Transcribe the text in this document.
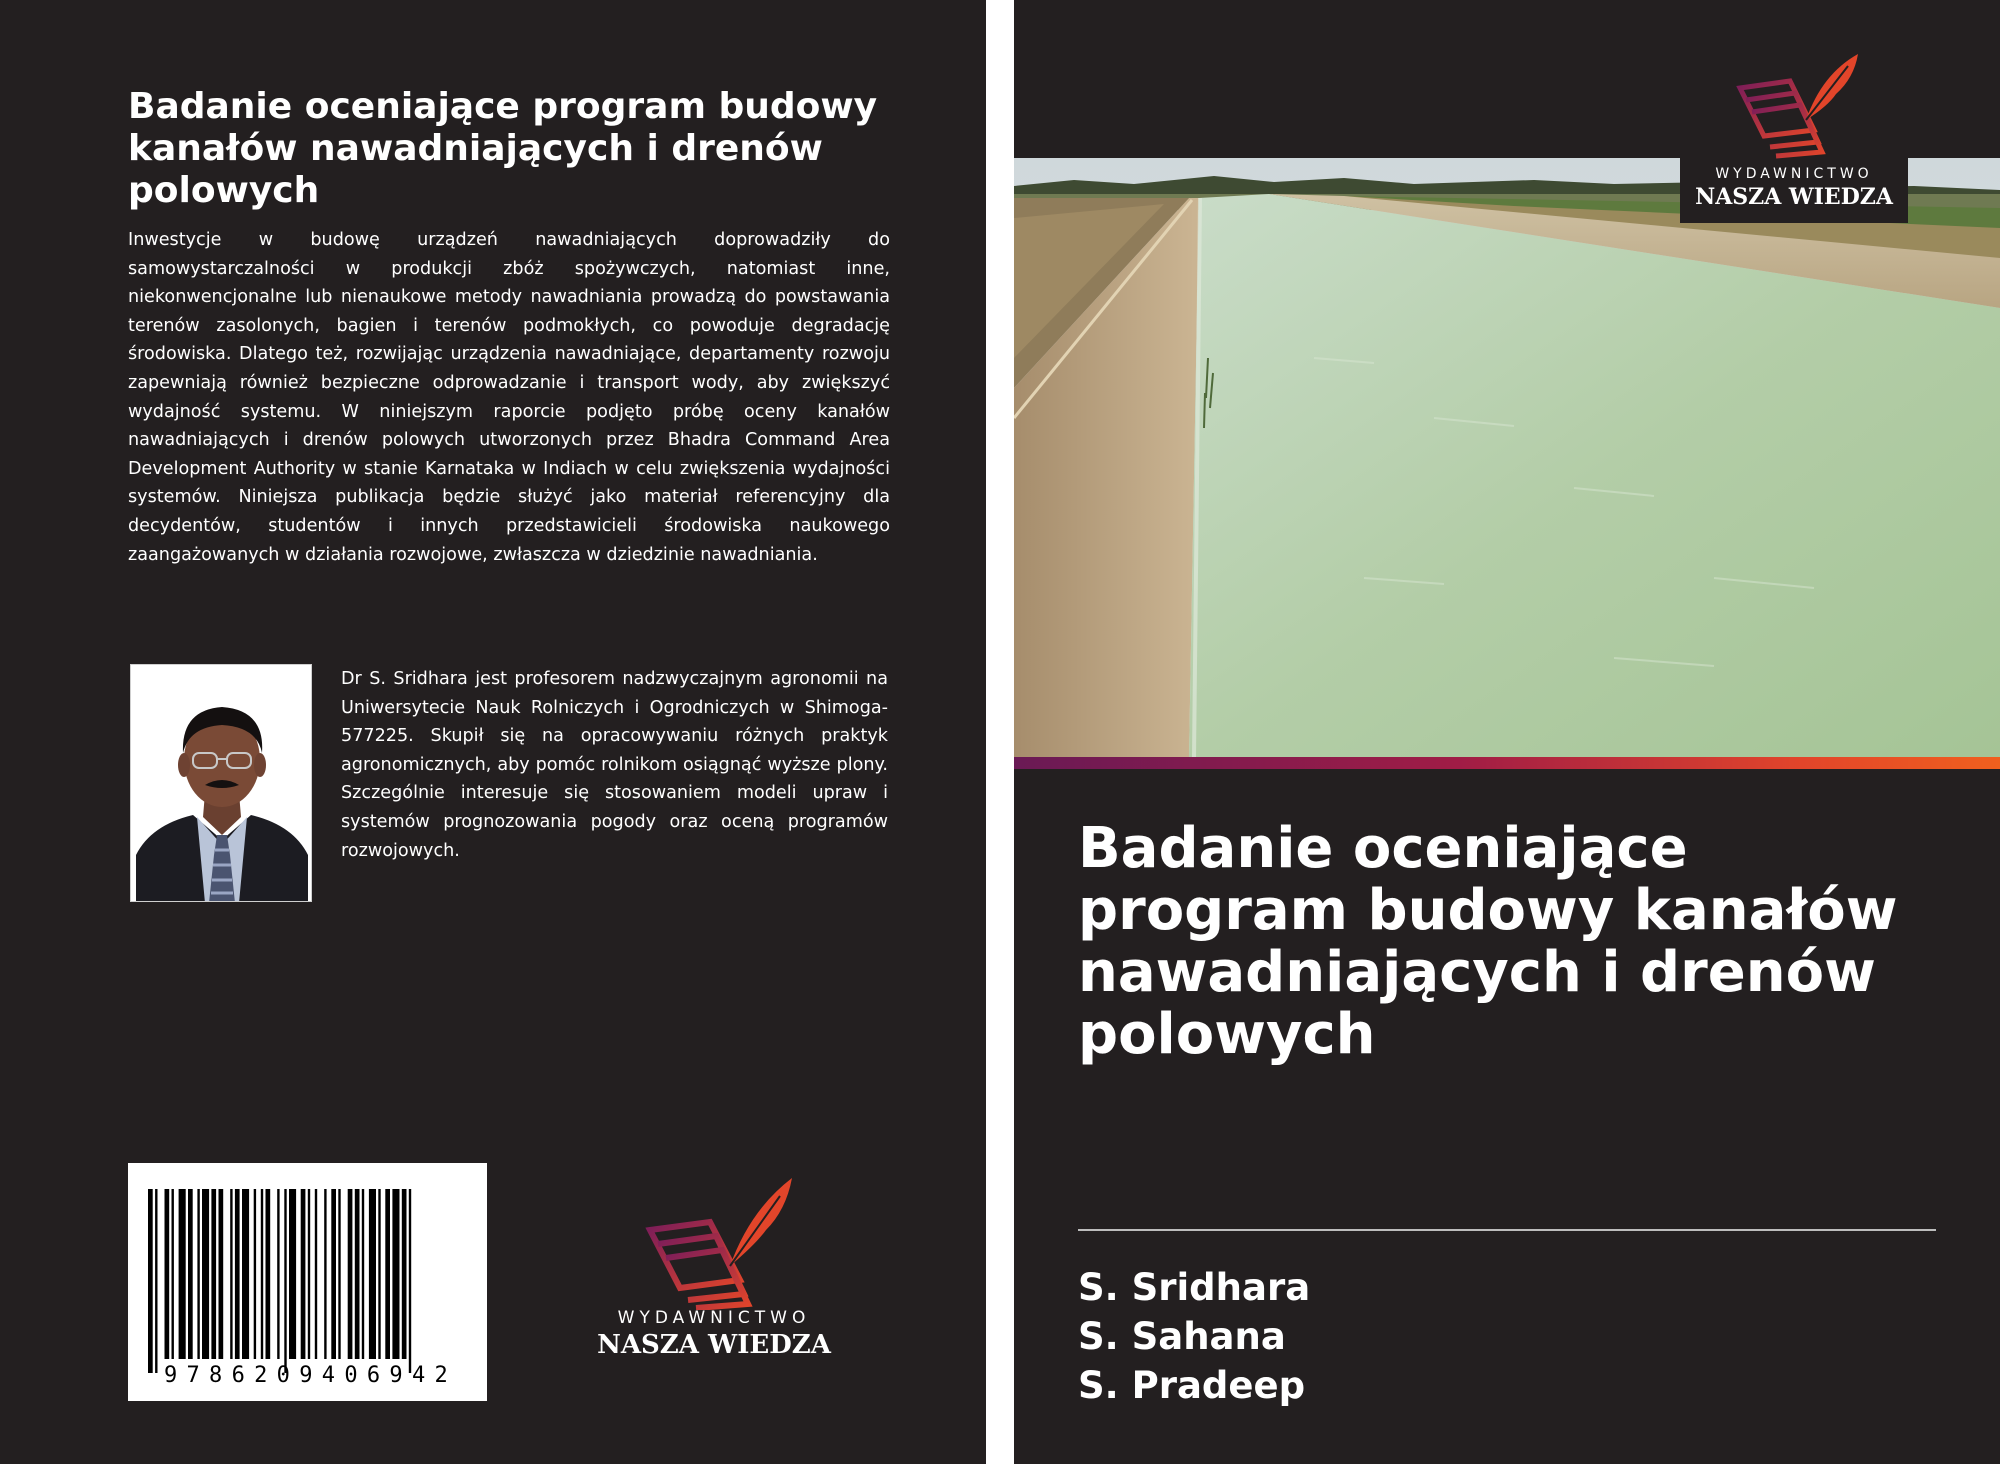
Badanie oceniające program budowy kanałów nawadniających i drenów polowych

Inwestycje w budowę urządzeń nawadniających doprowadziły do samowystarczalności w produkcji zbóż spożywczych, natomiast inne, niekonwencjonalne lub nienaukowe metody nawadniania prowadzą do powstawania terenów zasolonych, bagien i terenów podmokłych, co powoduje degradację środowiska. Dlatego też, rozwijając urządzenia nawadniające, departamenty rozwoju zapewniają również bezpieczne odprowadzanie i transport wody, aby zwiększyć wydajność systemu. W niniejszym raporcie podjęto próbę oceny kanałów nawadniających i drenów polowych utworzonych przez Bhadra Command Area Development Authority w stanie Karnataka w Indiach w celu zwiększenia wydajności systemów. Niniejsza publikacja będzie służyć jako materiał referencyjny dla decydentów, studentów i innych przedstawicieli środowiska naukowego zaangażowanych w działania rozwojowe, zwłaszcza w dziedzinie nawadniania.

Dr S. Sridhara jest profesorem nadzwyczajnym agronomii na Uniwersytecie Nauk Rolniczych i Ogrodniczych w Shimoga-577225. Skupił się na opracowywaniu różnych praktyk agronomicznych, aby pomóc rolnikom osiągnąć wyższe plony. Szczególnie interesuje się stosowaniem modeli upraw i systemów prognozowania pogody oraz oceną programów rozwojowych.

9786209406942
WYDAWNICTWO
NASZA WIEDZA
WYDAWNICTWO
NASZA WIEDZA
Badanie oceniające program budowy kanałów nawadniających i drenów polowych
S. Sridhara
S. Sahana
S. Pradeep
